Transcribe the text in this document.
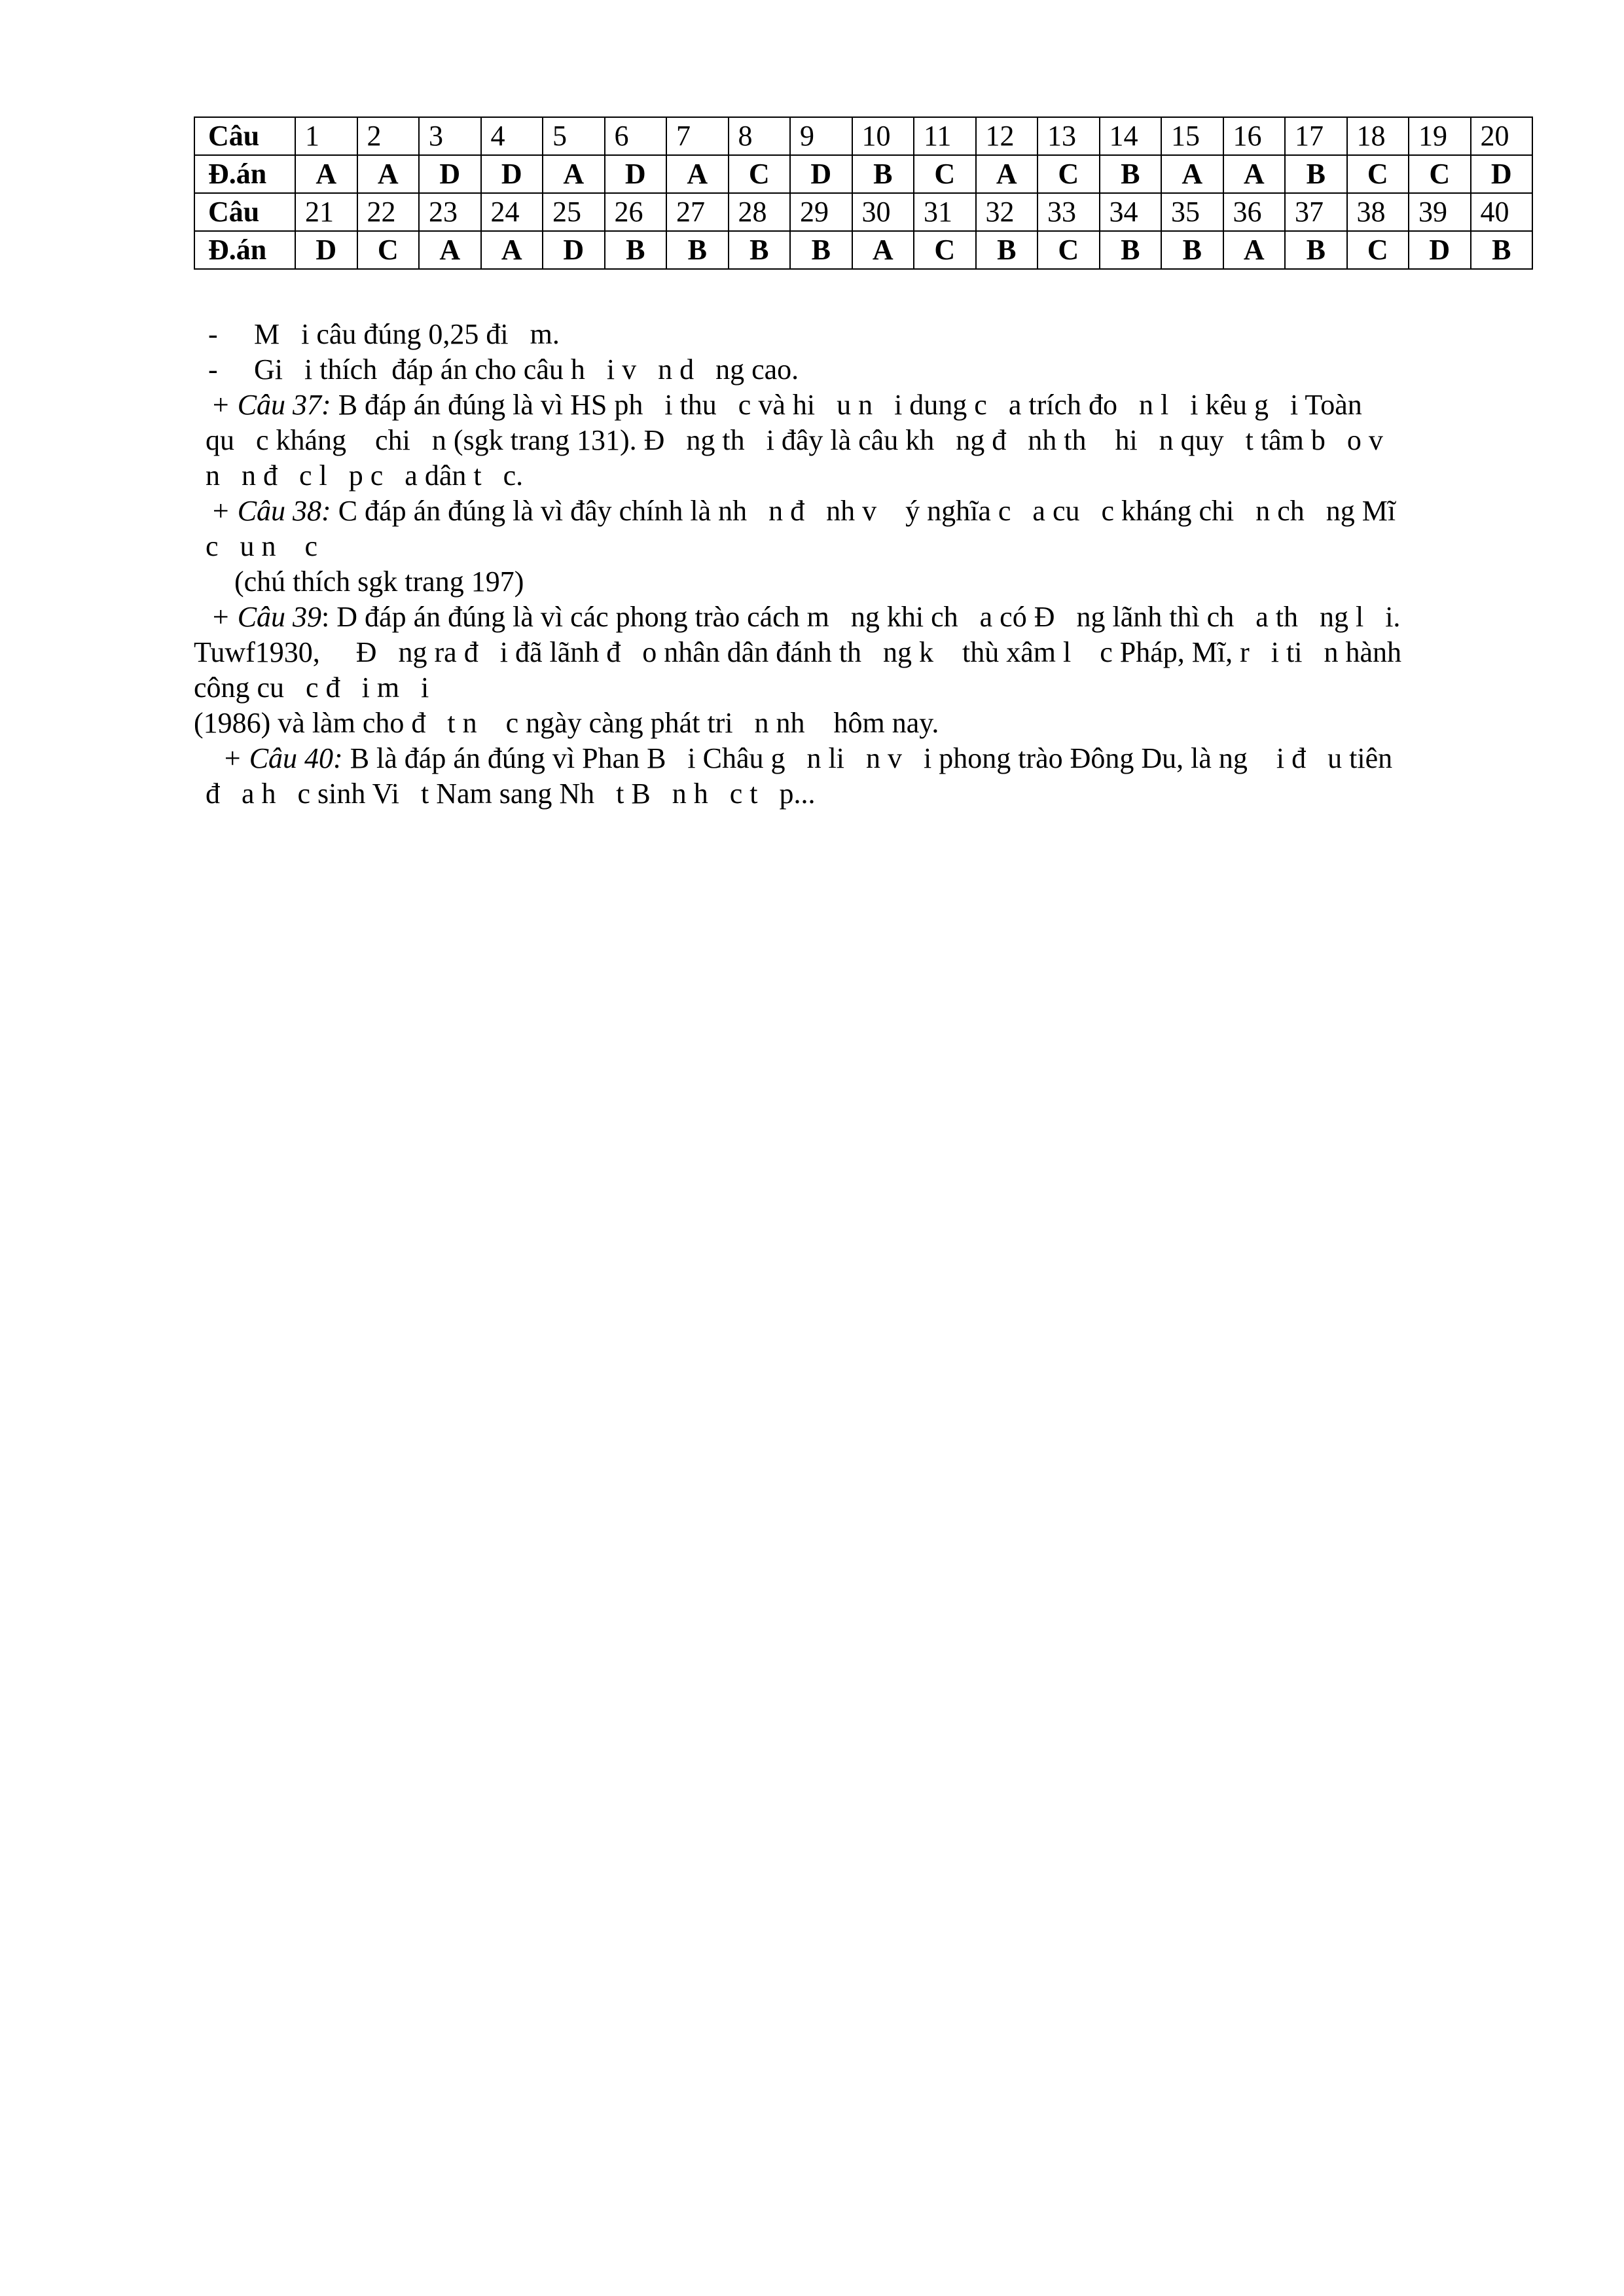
Câu	1	2	3	4	5	6	7	8	9	10	11	12	13	14	15	16	17	18	19	20
Đ.án	A	A	D	D	A	D	A	C	D	B	C	A	C	B	A	A	B	C	C	D
Câu	21	22	23	24	25	26	27	28	29	30	31	32	33	34	35	36	37	38	39	40
Đ.án	D	C	A	A	D	B	B	B	B	A	C	B	C	B	B	A	B	C	D	B
- M   i câu đúng 0,25 đi   m.
- Gi   i thích  đáp án cho câu h   i v   n d   ng cao.
+ Câu 37: B đáp án đúng là vì HS ph   i thu   c và hi   u n   i dung c   a trích đo   n l   i kêu g   i Toàn
qu   c kháng    chi   n (sgk trang 131). Đ   ng th   i đây là câu kh   ng đ   nh th    hi   n quy   t tâm b   o v
n   n đ   c l   p c   a dân t   c.
+ Câu 38: C đáp án đúng là vì đây chính là nh   n đ   nh v    ý nghĩa c   a cu   c kháng chi   n ch   ng Mĩ
c   u n    c
(chú thích sgk trang 197)
+ Câu 39: D đáp án đúng là vì các phong trào cách m   ng khi ch   a có Đ   ng lãnh thì ch   a th   ng l   i.
Tuwf1930,     Đ   ng ra đ   i đã lãnh đ   o nhân dân đánh th   ng k    thù xâm l    c Pháp, Mĩ, r   i ti   n hành
công cu   c đ   i m   i
(1986) và làm cho đ   t n    c ngày càng phát tri   n nh    hôm nay.
+ Câu 40: B là đáp án đúng vì Phan B   i Châu g   n li   n v   i phong trào Đông Du, là ng    i đ   u tiên
đ   a h   c sinh Vi   t Nam sang Nh   t B   n h   c t   p...
